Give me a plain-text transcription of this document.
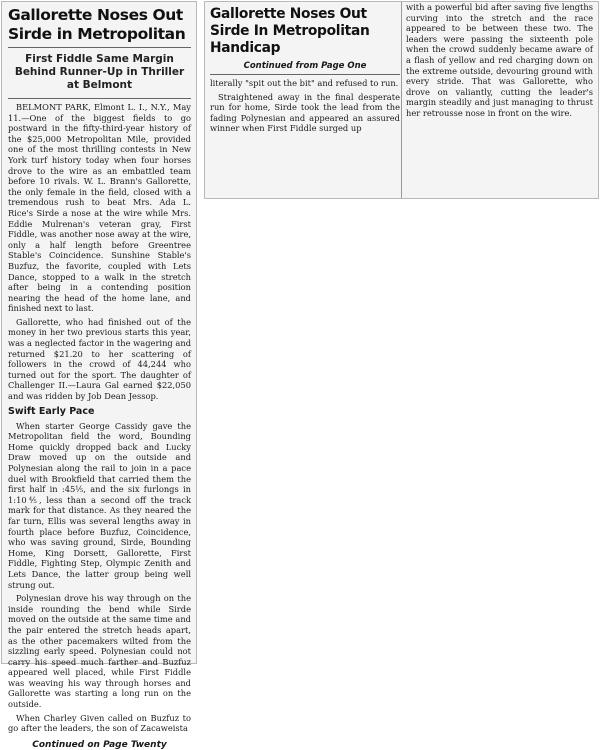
Gallorette Noses Out Sirde in Metropolitan
First Fiddle Same Margin Behind Runner-Up in Thriller at Belmont

BELMONT PARK, Elmont L. I., N.Y., May 11.—One of the biggest fields to go postward in the fifty-third-year history of the $25,000 Metropolitan Mile, provided one of the most thrilling contests in New York turf history today when four horses drove to the wire as an embattled team before 10 rivals. W. L. Brann's Gallorette, the only female in the field, closed with a tremendous rush to beat Mrs. Ada L. Rice's Sirde a nose at the wire while Mrs. Eddie Mulrenan's veteran gray, First Fiddle, was another nose away at the wire, only a half length before Greentree Stable's Coincidence. Sunshine Stable's Buzfuz, the favorite, coupled with Lets Dance, stopped to a walk in the stretch after being in a contending position nearing the head of the home lane, and finished next to last.

Gallorette, who had finished out of the money in her two previous starts this year, was a neglected factor in the wagering and returned $21.20 to her scattering of followers in the crowd of 44,244 who turned out for the sport. The daughter of Challenger II.—Laura Gal earned $22,050 and was ridden by Job Dean Jessop.

Swift Early Pace

When starter George Cassidy gave the Metropolitan field the word, Bounding Home quickly dropped back and Lucky Draw moved up on the outside and Polynesian along the rail to join in a pace duel with Brookfield that carried them the first half in :45⅕, and the six furlongs in 1:10⅘, less than a second off the track mark for that distance. As they neared the far turn, Ellis was several lengths away in fourth place before Buzfuz, Coincidence, who was saving ground, Sirde, Bounding Home, King Dorsett, Gallorette, First Fiddle, Fighting Step, Olympic Zenith and Lets Dance, the latter group being well strung out.

Polynesian drove his way through on the inside rounding the bend while Sirde moved on the outside at the same time and the pair entered the stretch heads apart, as the other pacemakers wilted from the sizzling early speed. Polynesian could not carry his speed much farther and Buzfuz appeared well placed, while First Fiddle was weaving his way through horses and Gallorette was starting a long run on the outside.

When Charley Given called on Buzfuz to go after the leaders, the son of Zacaweista

Continued on Page Twenty
Gallorette Noses Out Sirde In Metropolitan Handicap
Continued from Page One

literally "spit out the bit" and refused to run.

Straightened away in the final desperate run for home, Sirde took the lead from the fading Polynesian and appeared an assured winner when First Fiddle surged up

with a powerful bid after saving five lengths curving into the stretch and the race appeared to be between these two. The leaders were passing the sixteenth pole when the crowd suddenly became aware of a flash of yellow and red charging down on the extreme outside, devouring ground with every stride. That was Gallorette, who drove on valiantly, cutting the leader's margin steadily and just managing to thrust her retrousse nose in front on the wire.
